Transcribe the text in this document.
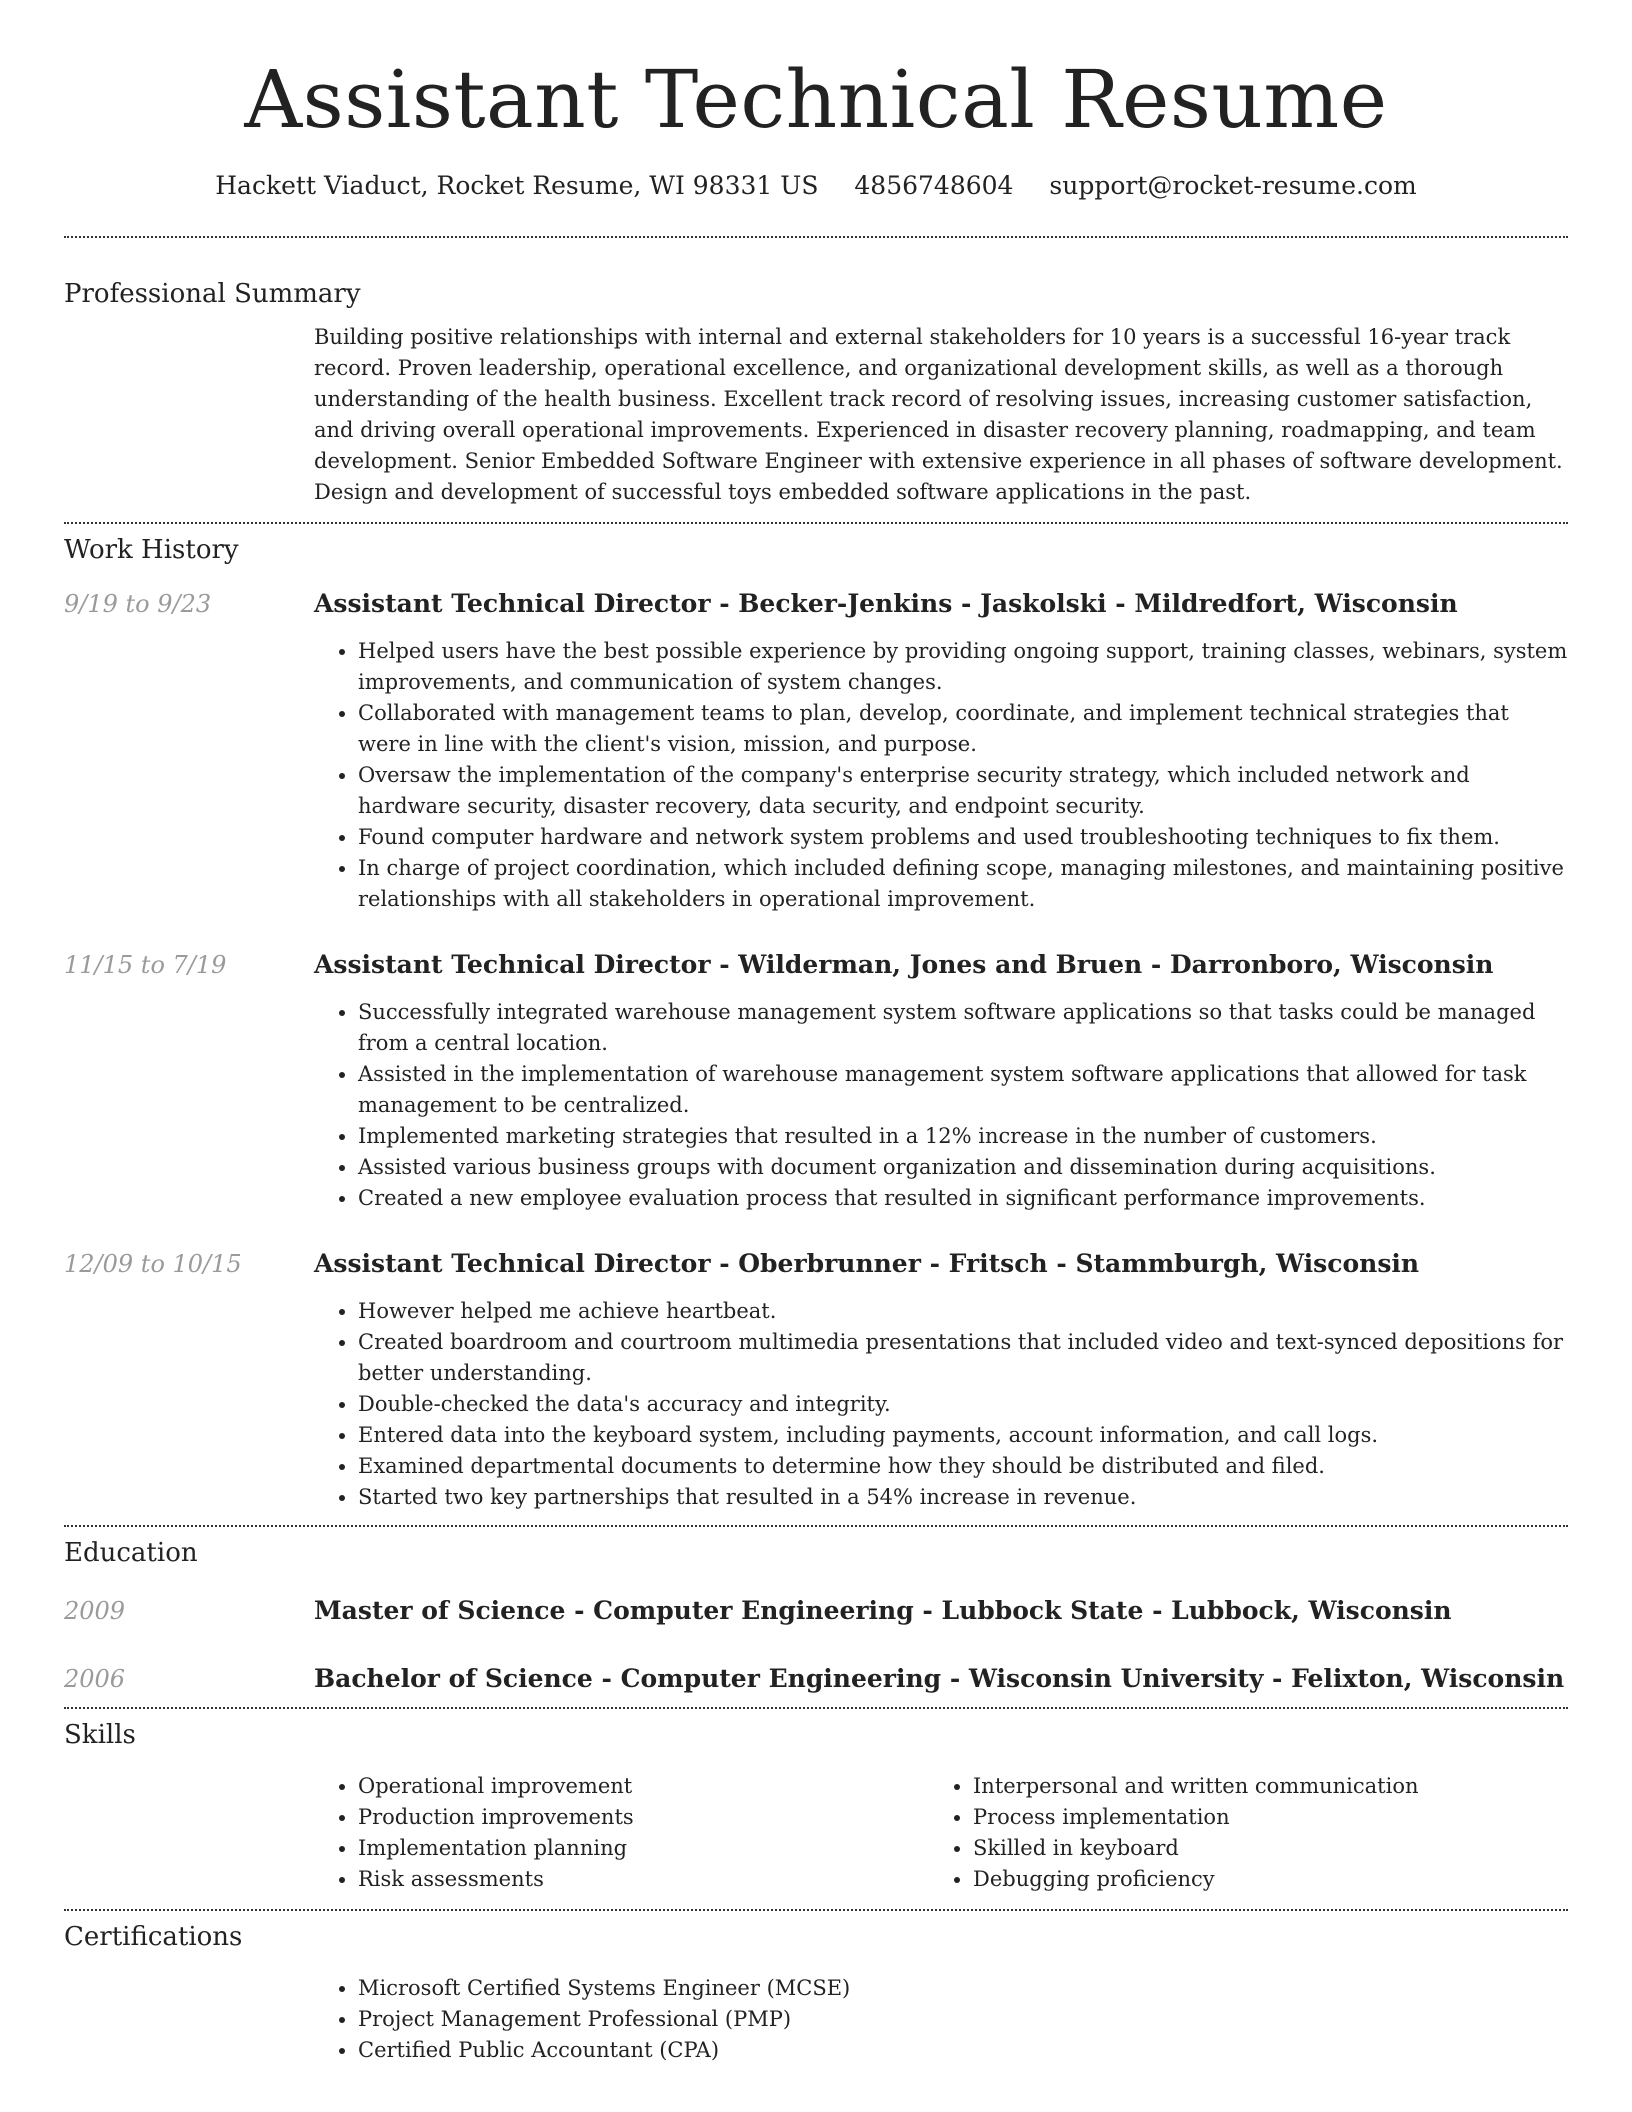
Assistant Technical Resume
Hackett Viaduct, Rocket Resume, WI 98331 US 4856748604 support@rocket-resume.com
Professional Summary

Building positive relationships with internal and external stakeholders for 10 years is a successful 16-year track record. Proven leadership, operational excellence, and organizational development skills, as well as a thorough understanding of the health business. Excellent track record of resolving issues, increasing customer satisfaction, and driving overall operational improvements. Experienced in disaster recovery planning, roadmapping, and team development. Senior Embedded Software Engineer with extensive experience in all phases of software development. Design and development of successful toys embedded software applications in the past.

Work History
9/19 to 9/23	Assistant Technical Director - Becker-Jenkins - Jaskolski - Mildredfort, Wisconsin
• Helped users have the best possible experience by providing ongoing support, training classes, webinars, system improvements, and communication of system changes.
• Collaborated with management teams to plan, develop, coordinate, and implement technical strategies that were in line with the client's vision, mission, and purpose.
• Oversaw the implementation of the company's enterprise security strategy, which included network and hardware security, disaster recovery, data security, and endpoint security.
• Found computer hardware and network system problems and used troubleshooting techniques to fix them.
• In charge of project coordination, which included defining scope, managing milestones, and maintaining positive relationships with all stakeholders in operational improvement.
11/15 to 7/19	Assistant Technical Director - Wilderman, Jones and Bruen - Darronboro, Wisconsin
• Successfully integrated warehouse management system software applications so that tasks could be managed from a central location.
• Assisted in the implementation of warehouse management system software applications that allowed for task management to be centralized.
• Implemented marketing strategies that resulted in a 12% increase in the number of customers.
• Assisted various business groups with document organization and dissemination during acquisitions.
• Created a new employee evaluation process that resulted in significant performance improvements.
12/09 to 10/15	Assistant Technical Director - Oberbrunner - Fritsch - Stammburgh, Wisconsin
• However helped me achieve heartbeat.
• Created boardroom and courtroom multimedia presentations that included video and text-synced depositions for better understanding.
• Double-checked the data's accuracy and integrity.
• Entered data into the keyboard system, including payments, account information, and call logs.
• Examined departmental documents to determine how they should be distributed and filed.
• Started two key partnerships that resulted in a 54% increase in revenue.
Education
2009	Master of Science - Computer Engineering - Lubbock State - Lubbock, Wisconsin
2006	Bachelor of Science - Computer Engineering - Wisconsin University - Felixton, Wisconsin
Skills
• Operational improvement
• Production improvements
• Implementation planning
• Risk assessments
• Interpersonal and written communication
• Process implementation
• Skilled in keyboard
• Debugging proficiency
Certifications
• Microsoft Certified Systems Engineer (MCSE)
• Project Management Professional (PMP)
• Certified Public Accountant (CPA)
